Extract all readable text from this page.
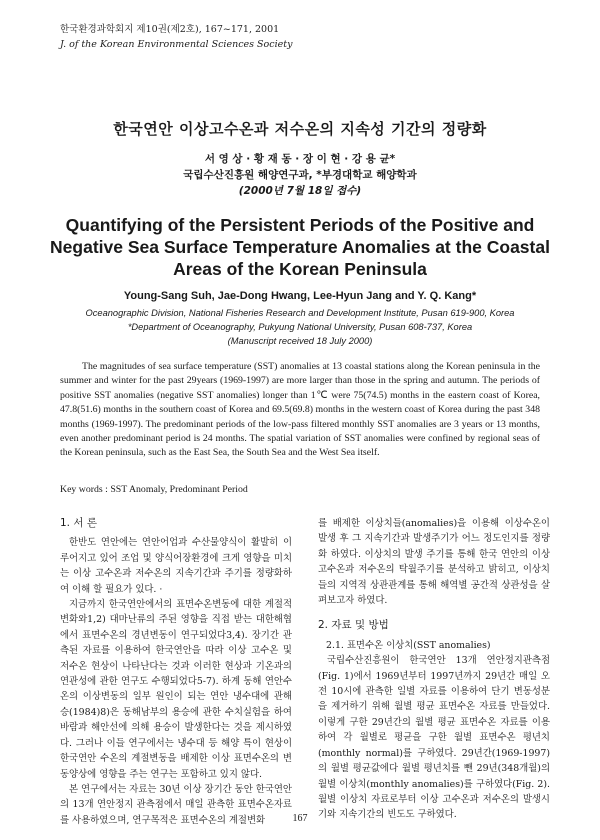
한국환경과학회지 제10권(제2호), 167~171, 2001
J. of the Korean Environmental Sciences Society
한국연안 이상고수온과 저수온의 지속성 기간의 정량화
서 영 상 · 황 재 동 · 장 이 현 · 강 용 균*
국립수산진흥원 해양연구과, *부경대학교 해양학과
(2000년 7월 18일 접수)
Quantifying of the Persistent Periods of the Positive and Negative Sea Surface Temperature Anomalies at the Coastal Areas of the Korean Peninsula
Young-Sang Suh, Jae-Dong Hwang, Lee-Hyun Jang and Y. Q. Kang*
Oceanographic Division, National Fisheries Research and Development Institute, Pusan 619-900, Korea
*Department of Oceanography, Pukyung National University, Pusan 608-737, Korea
(Manuscript received 18 July 2000)

The magnitudes of sea surface temperature (SST) anomalies at 13 coastal stations along the Korean peninsula in the summer and winter for the past 29years (1969-1997) are more larger than those in the spring and autumn. The periods of positive SST anomalies (negative SST anomalies) longer than 1℃ were 75(74.5) months in the eastern coast of Korea, 47.8(51.6) months in the southern coast of Korea and 69.5(69.8) months in the western coast of Korea during the past 348 months (1969-1997). The predominant periods of the low-pass filtered monthly SST anomalies are 3 years or 13 months, even another predominant period is 24 months. The spatial variation of SST anomalies were confined by regional seas of the Korean peninsula, such as the East Sea, the South Sea and the West Sea itself.

Key words : SST Anomaly, Predominant Period
1. 서 론

한반도 연안에는 연안어업과 수산물양식이 활발히 이루어지고 있어 조업 및 양식어장환경에 크게 영향을 미치는 이상 고수온과 저수온의 지속기간과 주기를 정량화하여 이해 할 필요가 있다. ·

지금까지 한국연안에서의 표면수온변동에 대한 계절적 변화와1,2) 대마난류의 주된 영향을 직접 받는 대한해협에서 표면수온의 경년변동이 연구되었다3,4). 장기간 관측된 자료를 이용하여 한국연안을 따라 이상 고수온 및 저수온 현상이 나타난다는 것과 이러한 현상과 기온과의 연관성에 관한 연구도 수행되었다5-7). 하계 동해 연안수온의 이상변동의 일부 원인이 되는 연안 냉수대에 관해 승(1984)8)은 동해남부의 용승에 관한 수치실험을 하여 바람과 해안선에 의해 용승이 발생한다는 것을 제시하였다. 그러나 이들 연구에서는 냉수대 등 해양 특이 현상이 한국연안 수온의 계절변동을 배제한 이상 표면수온의 변동양상에 영향을 주는 연구는 포함하고 있지 않다.

본 연구에서는 자료는 30년 이상 장기간 동안 한국연안의 13개 연안정지 관측점에서 매일 관측한 표면수온자료를 사용하였으며, 연구목적은 표면수온의 계절변화

를 배제한 이상치들(anomalies)을 이용해 이상수온이 발생 후 그 지속기간과 발생주기가 어느 정도인지를 정량화 하였다. 이상치의 발생 주기를 통해 한국 연안의 이상 고수온과 저수온의 탁월주기를 분석하고 밝히고, 이상치들의 지역적 상관관계를 통해 해역별 공간적 상관성을 살펴보고자 하였다.

2. 자료 및 방법
2.1. 표면수온 이상치(SST anomalies)

국립수산진흥원이 한국연안 13개 연안정지관측점 (Fig. 1)에서 1969년부터 1997년까지 29년간 매일 오전 10시에 관측한 일별 자료를 이용하여 단기 변동성분을 제거하기 위해 월별 평균 표면수온 자료를 만들었다. 이렇게 구한 29년간의 월별 평균 표면수온 자료를 이용하여 각 월별로 평균을 구한 월별 표면수온 평년치(monthly normal)를 구하였다. 29년간(1969-1997)의 월별 평균값에다 월별 평년치를 뺀 29년(348개월)의 월별 이상치(monthly anomalies)를 구하였다(Fig. 2). 월별 이상치 자료로부터 이상 고수온과 저수온의 발생시기와 지속기간의 빈도도 구하였다.

167
